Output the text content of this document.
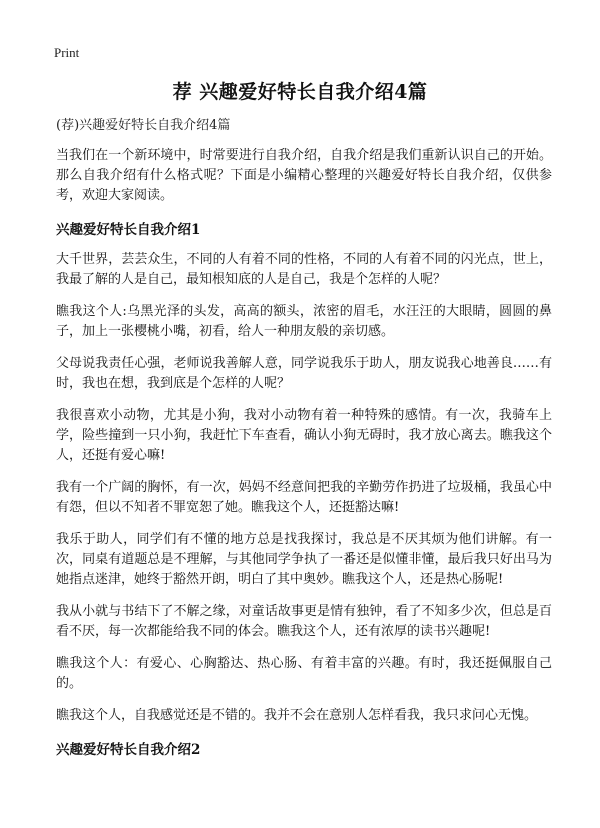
Print
荐 兴趣爱好特长自我介绍4篇

(荐)兴趣爱好特长自我介绍4篇

当我们在一个新环境中，时常要进行自我介绍，自我介绍是我们重新认识自己的开始。那么自我介绍有什么格式呢？下面是小编精心整理的兴趣爱好特长自我介绍，仅供参考，欢迎大家阅读。

兴趣爱好特长自我介绍1

大千世界，芸芸众生，不同的人有着不同的性格，不同的人有着不同的闪光点，世上，我最了解的人是自己，最知根知底的人是自己，我是个怎样的人呢？

瞧我这个人:乌黑光泽的头发，高高的额头，浓密的眉毛，水汪汪的大眼睛，圆圆的鼻子，加上一张樱桃小嘴，初看，给人一种朋友般的亲切感。

父母说我责任心强，老师说我善解人意，同学说我乐于助人，朋友说我心地善良……有时，我也在想，我到底是个怎样的人呢？

我很喜欢小动物，尤其是小狗，我对小动物有着一种特殊的感情。有一次，我骑车上学，险些撞到一只小狗，我赶忙下车查看，确认小狗无碍时，我才放心离去。瞧我这个人，还挺有爱心嘛!

我有一个广阔的胸怀，有一次，妈妈不经意间把我的辛勤劳作扔进了垃圾桶，我虽心中有怨，但以不知者不罪宽恕了她。瞧我这个人，还挺豁达嘛!

我乐于助人，同学们有不懂的地方总是找我探讨，我总是不厌其烦为他们讲解。有一次，同桌有道题总是不理解，与其他同学争执了一番还是似懂非懂，最后我只好出马为她指点迷津，她终于豁然开朗，明白了其中奥妙。瞧我这个人，还是热心肠呢!

我从小就与书结下了不解之缘，对童话故事更是情有独钟，看了不知多少次，但总是百看不厌，每一次都能给我不同的体会。瞧我这个人，还有浓厚的读书兴趣呢!

瞧我这个人：有爱心、心胸豁达、热心肠、有着丰富的兴趣。有时，我还挺佩服自己的。

瞧我这个人，自我感觉还是不错的。我并不会在意别人怎样看我，我只求问心无愧。

兴趣爱好特长自我介绍2
